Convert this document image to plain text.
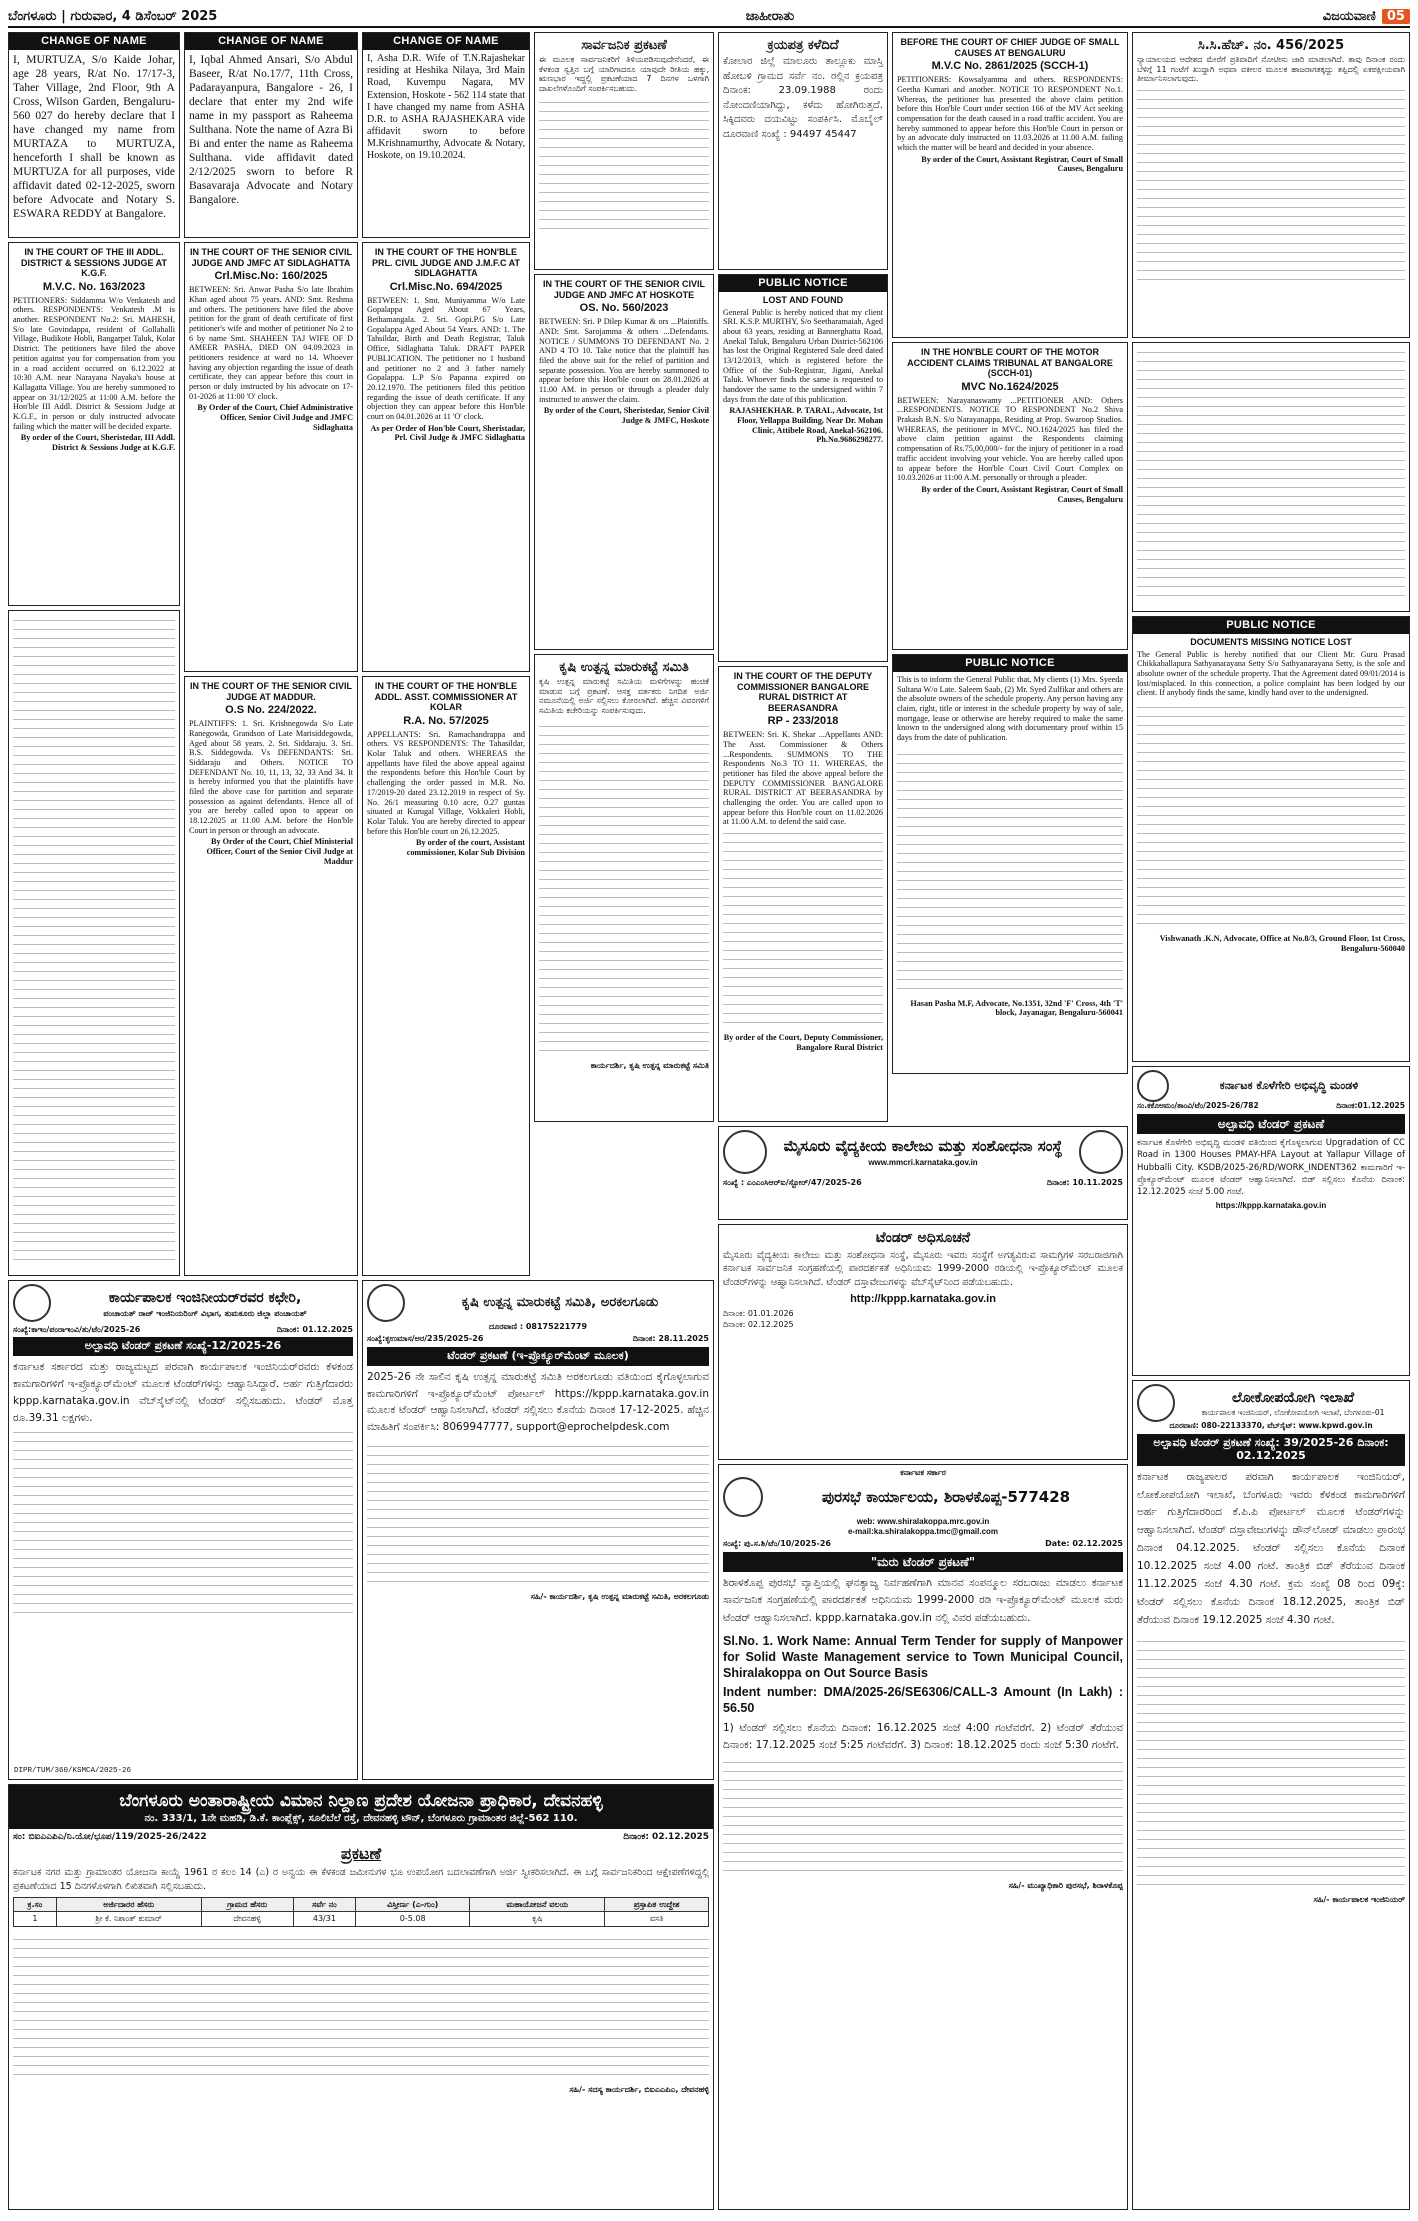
ಬೆಂಗಳೂರು | ಗುರುವಾರ, 4 ಡಿಸೆಂಬರ್ 2025	ಜಾಹೀರಾತು	ವಿಜಯವಾಣಿ 05
CHANGE OF NAME

I, MURTUZA, S/o Kaide Johar, age 28 years, R/at No. 17/17-3, Taher Village, 2nd Floor, 9th A Cross, Wilson Garden, Bengaluru-560 027 do hereby declare that I have changed my name from MURTAZA to MURTUZA, henceforth I shall be known as MURTUZA for all purposes, vide affidavit dated 02-12-2025, sworn before Advocate and Notary S. ESWARA REDDY at Bangalore.

CHANGE OF NAME

I, Iqbal Ahmed Ansari, S/o Abdul Baseer, R/at No.17/7, 11th Cross, Padarayanpura, Bangalore - 26, I declare that enter my 2nd wife name in my passport as Raheema Sulthana. Note the name of Azra Bi Bi and enter the name as Raheema Sulthana. vide affidavit dated 2/12/2025 sworn to before R Basavaraja Advocate and Notary Bangalore.

CHANGE OF NAME

I, Asha D.R. Wife of T.N.Rajashekar residing at Heshika Nilaya, 3rd Main Road, Kuvempu Nagara, MV Extension, Hoskote - 562 114 state that I have changed my name from ASHA D.R. to ASHA RAJASHEKARA vide affidavit sworn to before M.Krishnamurthy, Advocate & Notary, Hoskote, on 19.10.2024.

ಸಾರ್ವಜನಿಕ ಪ್ರಕಟಣೆ

ಈ ಮೂಲಕ ಸಾರ್ವಜನಿಕರಿಗೆ ತಿಳಿಯಪಡಿಸುವುದೇನೆಂದರೆ, ಈ ಕೆಳಕಂಡ ಸ್ವತ್ತಿನ ಬಗ್ಗೆ ಯಾರಿಗಾದರೂ ಯಾವುದೇ ರೀತಿಯ ಹಕ್ಕು, ಋಣಭಾರ ಇದ್ದಲ್ಲಿ ಪ್ರಕಟಣೆಯಾದ 7 ದಿನಗಳ ಒಳಗಾಗಿ ದಾಖಲೆಗಳೊಂದಿಗೆ ಸಂಪರ್ಕಿಸಬಹುದು.

ಕ್ರಯಪತ್ರ ಕಳೆದಿದೆ

ಕೋಲಾರ ಜಿಲ್ಲೆ ಮಾಲೂರು ತಾಲ್ಲೂಕು ಮಾಸ್ತಿ ಹೋಬಳಿ ಗ್ರಾಮದ ಸರ್ವೆ ನಂ. ರಲ್ಲಿನ ಕ್ರಯಪತ್ರ ದಿನಾಂಕ: 23.09.1988 ರಂದು ನೋಂದಣಿಯಾಗಿದ್ದು, ಕಳೆದು ಹೋಗಿರುತ್ತದೆ. ಸಿಕ್ಕಿದವರು ದಯವಿಟ್ಟು ಸಂಪರ್ಕಿಸಿ. ಮೊಬೈಲ್ ದೂರವಾಣಿ ಸಂಖ್ಯೆ : 94497 45447

BEFORE THE COURT OF CHIEF JUDGE OF SMALL CAUSES AT BENGALURU
M.V.C No. 2861/2025 (SCCH-1)

PETITIONERS: Kowsalyamma and others. RESPONDENTS: Geetha Kumari and another. NOTICE TO RESPONDENT No.1. Whereas, the petitioner has presented the above claim petition before this Hon'ble Court under section 166 of the MV Act seeking compensation for the death caused in a road traffic accident. You are hereby summoned to appear before this Hon'ble Court in person or by an advocate duly instructed on 11.03.2026 at 11.00 A.M. failing which the matter will be heard and decided in your absence.

By order of the Court, Assistant Registrar, Court of Small Causes, Bengaluru

ಸಿ.ಸಿ.ಹೆಚ್. ನಂ. 456/2025

ನ್ಯಾಯಾಲಯದ ಆದೇಶದ ಮೇರೆಗೆ ಪ್ರತಿವಾದಿಗೆ ನೋಟೀಸು ಜಾರಿ ಮಾಡಲಾಗಿದೆ. ತಾವು ದಿನಾಂಕ ರಂದು ಬೆಳಿಗ್ಗೆ 11 ಗಂಟೆಗೆ ಖುದ್ದಾಗಿ ಅಥವಾ ವಕೀಲರ ಮೂಲಕ ಹಾಜರಾಗತಕ್ಕದ್ದು ತಪ್ಪಿದಲ್ಲಿ ಏಕಪಕ್ಷೀಯವಾಗಿ ತೀರ್ಮಾನಿಸಲಾಗುವುದು.

IN THE COURT OF THE III ADDL. DISTRICT & SESSIONS JUDGE AT K.G.F.
M.V.C. No. 163/2023

PETITIONERS: Siddamma W/o Venkatesh and others. RESPONDENTS: Venkatesh .M is another. RESPONDENT No.2: Sri. MAHESH, S/o late Govindappa, resident of Gollahalli Village, Budikote Hobli, Bangarpet Taluk, Kolar District. The petitioners have filed the above petition against you for compensation from you in a road accident occurred on 6.12.2022 at 10:30 A.M. near Narayana Nayaka's house at Kallagatta Village. You are hereby summoned to appear on 31/12/2025 at 11:00 A.M. before the Hon'ble III Addl. District & Sessions Judge at K.G.F., in person or duly instructed advocate failing which the matter will be decided exparte.

By order of the Court, Sheristedar, III Addl. District & Sessions Judge at K.G.F.

IN THE COURT OF THE SENIOR CIVIL JUDGE AND JMFC AT SIDLAGHATTA
Crl.Misc.No: 160/2025

BETWEEN: Sri. Anwar Pasha S/o late Ibrahim Khan aged about 75 years. AND: Smt. Reshma and others. The petitioners have filed the above petition for the grant of death certificate of first petitioner's wife and mother of petitioner No 2 to 6 by name Smt. SHAHEEN TAJ WIFE OF D AMEER PASHA, DIED ON 04.09.2023 in petitioners residence at ward no 14. Whoever having any objection regarding the issue of death certificate, they can appear before this court in person or duly instructed by his advocate on 17-01-2026 at 11:00 'O' clock.

By Order of the Court, Chief Administrative Officer, Senior Civil Judge and JMFC Sidlaghatta

IN THE COURT OF THE HON'BLE PRL. CIVIL JUDGE AND J.M.F.C AT SIDLAGHATTA
Crl.Misc.No. 694/2025

BETWEEN: 1. Smt. Muniyamma W/o Late Gopalappa Aged About 67 Years, Bethamangala. 2. Sri. Gopi.P.G S/o Late Gopalappa Aged About 54 Years. AND: 1. The Tahsildar, Birth and Death Registrar, Taluk Office, Sidlaghatta Taluk. DRAFT PAPER PUBLICATION. The petitioner no 1 husband and petitioner no 2 and 3 father namely Gopalappa. L.P S/o Papanna expired on 20.12.1970. The petitioners filed this petition regarding the issue of death certificate. If any objection they can appear before this Hon'ble court on 04.01.2026 at 11 'O' clock.

As per Order of Hon'ble Court, Sheristadar, Prl. Civil Judge & JMFC Sidlaghatta

IN THE COURT OF THE SENIOR CIVIL JUDGE AND JMFC AT HOSKOTE
OS. No. 560/2023

BETWEEN: Sri. P Dilep Kumar & ors ...Plaintiffs. AND: Smt. Sarojamma & others ...Defendants. NOTICE / SUMMONS TO DEFENDANT No. 2 AND 4 TO 10. Take notice that the plaintiff has filed the above suit for the relief of partition and separate possession. You are hereby summoned to appear before this Hon'ble court on 28.01.2026 at 11.00 AM. in person or through a pleader duly instructed to answer the claim.

By order of the Court, Sheristedar, Senior Civil Judge & JMFC, Hoskote

PUBLIC NOTICE
LOST AND FOUND

General Public is hereby noticed that my client SRI. K.S.P. MURTHY, S/o Seetharamaiah, Aged about 63 years, residing at Bannerghatta Road, Anekal Taluk, Bengaluru Urban District-562106 has lost the Original Registered Sale deed dated 13/12/2013, which is registered before the Office of the Sub-Registrar, Jigani, Anekal Taluk. Whoever finds the same is requested to handover the same to the undersigned within 7 days from the date of this publication.

RAJASHEKHAR. P. TARAL, Advocate, 1st Floor, Yellappa Building, Near Dr. Mohan Clinic, Attibele Road, Anekal-562106. Ph.No.9686298277.

IN THE HON'BLE COURT OF THE MOTOR ACCIDENT CLAIMS TRIBUNAL AT BANGALORE (SCCH-01)
MVC No.1624/2025

BETWEEN: Narayanaswamy ...PETITIONER AND: Others ...RESPONDENTS. NOTICE TO RESPONDENT No.2 Shiva Prakash B.N. S/o Narayanappa, Residing at Prop. Swaroop Studios. WHEREAS, the petitioner in MVC. NO.1624/2025 has filed the above claim petition against the Respondents claiming compensation of Rs.75,00,000/- for the injury of petitioner in a road traffic accident involving your vehicle. You are hereby called upon to appear before the Hon'ble Court Civil Court Complex on 10.03.2026 at 11:00 A.M. personally or through a pleader.

By order of the Court, Assistant Registrar, Court of Small Causes, Bengaluru

IN THE COURT OF THE HON'BLE ADDL. ASST. COMMISSIONER AT KOLAR
R.A. No. 57/2025

APPELLANTS: Sri. Ramachandrappa and others. VS RESPONDENTS: The Tahasildar, Kolar Taluk and others. WHEREAS the appellants have filed the above appeal against the respondents before this Hon'ble Court by challenging the order passed in M.R. No. 17/2019-20 dated 23.12.2019 in respect of Sy. No. 26/1 measuring 0.10 acre, 0.27 guntas situated at Kurugal Village, Vokkaleri Hobli, Kolar Taluk. You are hereby directed to appear before this Hon'ble court on 26.12.2025.

By order of the court, Assistant commissioner, Kolar Sub Division

IN THE COURT OF THE SENIOR CIVIL JUDGE AT MADDUR.
O.S No. 224/2022.

PLAINTIFFS: 1. Sri. Krishnegowda S/o Late Ranegowda, Grandson of Late Marisiddegowda, Aged about 58 years. 2. Sri. Siddaraju. 3. Sri. B.S. Siddegowda. Vs DEFENDANTS: Sri. Siddaraju and Others. NOTICE TO DEFENDANT No. 10, 11, 13, 32, 33 And 34. It is hereby informed you that the plaintiffs have filed the above case for partition and separate possession as against defendants. Hence all of you are hereby called upon to appear on 18.12.2025 at 11.00 A.M. before the Hon'ble Court in person or through an advocate.

By Order of the Court, Chief Ministerial Officer, Court of the Senior Civil Judge at Maddur

ಕೃಷಿ ಉತ್ಪನ್ನ ಮಾರುಕಟ್ಟೆ ಸಮಿತಿ

ಕೃಷಿ ಉತ್ಪನ್ನ ಮಾರುಕಟ್ಟೆ ಸಮಿತಿಯ ಮಳಿಗೆಗಳನ್ನು ಹಂಚಿಕೆ ಮಾಡುವ ಬಗ್ಗೆ ಪ್ರಕಟಣೆ. ಆಸಕ್ತ ವರ್ತಕರು ನಿಗದಿತ ಅರ್ಜಿ ನಮೂನೆಯಲ್ಲಿ ಅರ್ಜಿ ಸಲ್ಲಿಸಲು ಕೋರಲಾಗಿದೆ. ಹೆಚ್ಚಿನ ವಿವರಗಳಿಗೆ ಸಮಿತಿಯ ಕಚೇರಿಯನ್ನು ಸಂಪರ್ಕಿಸುವುದು.

ಕಾರ್ಯದರ್ಶಿ, ಕೃಷಿ ಉತ್ಪನ್ನ ಮಾರುಕಟ್ಟೆ ಸಮಿತಿ

PUBLIC NOTICE

This is to inform the General Public that, My clients (1) Mrs. Syeeda Sultana W/o Late. Saleem Saab, (2) Mr. Syed Zulfikar and others are the absolute owners of the schedule property. Any person having any claim, right, title or interest in the schedule property by way of sale, mortgage, lease or otherwise are hereby required to make the same known to the undersigned along with documentary proof within 15 days from the date of publication.

Hasan Pasha M.F, Advocate, No.1351, 32nd 'F' Cross, 4th 'T' block, Jayanagar, Bengaluru-560041

IN THE COURT OF THE DEPUTY COMMISSIONER BANGALORE RURAL DISTRICT AT BEERASANDRA
RP - 233/2018

BETWEEN: Sri. K. Shekar ...Appellants AND: The Asst. Commissioner & Others ...Respondents. SUMMONS TO THE Respondents No.3 TO 11. WHEREAS, the petitioner has filed the above appeal before the DEPUTY COMMISSIONER BANGALORE RURAL DISTRICT AT BEERASANDRA by challenging the order. You are called upon to appear before this Hon'ble court on 11.02.2026 at 11.00 A.M. to defend the said case.

By order of the Court, Deputy Commissioner, Bangalore Rural District

PUBLIC NOTICE
DOCUMENTS MISSING NOTICE LOST

The General Public is hereby notified that our Client Mr. Guru Prasad Chikkaballapura Sathyanarayana Setty S/o Sathyanarayana Setty, is the sole and absolute owner of the schedule property. That the Agreement dated 09/01/2014 is lost/misplaced. In this connection, a police complaint has been lodged by our client. If anybody finds the same, kindly hand over to the undersigned.

Vishwanath .K.N, Advocate, Office at No.8/3, Ground Floor, 1st Cross, Bengaluru-560040

ಮೈಸೂರು ವೈದ್ಯಕೀಯ ಕಾಲೇಜು ಮತ್ತು ಸಂಶೋಧನಾ ಸಂಸ್ಥೆ
www.mmcri.karnataka.gov.in
ಸಂಖ್ಯೆ : ಎಂಎಂಸಿಆರ್‌ಐ/ಸ್ಟೋರ್/47/2025-26	ದಿನಾಂಕ: 10.11.2025
ಟೆಂಡರ್ ಅಧಿಸೂಚನೆ

ಮೈಸೂರು ವೈದ್ಯಕೀಯ ಕಾಲೇಜು ಮತ್ತು ಸಂಶೋಧನಾ ಸಂಸ್ಥೆ, ಮೈಸೂರು ಇವರು ಸಂಸ್ಥೆಗೆ ಅಗತ್ಯವಿರುವ ಸಾಮಗ್ರಿಗಳ ಸರಬರಾಜಿಗಾಗಿ ಕರ್ನಾಟಕ ಸಾರ್ವಜನಿಕ ಸಂಗ್ರಹಣೆಯಲ್ಲಿ ಪಾರದರ್ಶಕತೆ ಅಧಿನಿಯಮ 1999-2000 ರಡಿಯಲ್ಲಿ ಇ-ಪ್ರೊಕ್ಯೂರ್‌ಮೆಂಟ್ ಮೂಲಕ ಟೆಂಡರ್‌ಗಳನ್ನು ಆಹ್ವಾನಿಸಲಾಗಿದೆ. ಟೆಂಡರ್ ದಸ್ತಾವೇಜುಗಳನ್ನು ವೆಬ್‌ಸೈಟ್‌ನಿಂದ ಪಡೆಯಬಹುದು.

http://kppp.karnataka.gov.in

ದಿನಾಂಕ: 01.01.2026

ದಿನಾಂಕ: 02.12.2025

ಕರ್ನಾಟಕ ಕೊಳೆಗೇರಿ ಅಭಿವೃದ್ಧಿ ಮಂಡಳಿ
ಸಂ.ಕಕೊಅಮಂ/ತಾಂವಿ/ಟೆಂ/2025-26/782	ದಿನಾಂಕ:01.12.2025
ಅಲ್ಪಾವಧಿ ಟೆಂಡರ್ ಪ್ರಕಟಣೆ

ಕರ್ನಾಟಕ ಕೊಳೆಗೇರಿ ಅಭಿವೃದ್ಧಿ ಮಂಡಳಿ ವತಿಯಿಂದ ಕೈಗೊಳ್ಳಲಾಗುವ Upgradation of CC Road in 1300 Houses PMAY-HFA Layout at Yallapur Village of Hubballi City. KSDB/2025-26/RD/WORK_INDENT362 ಕಾಮಗಾರಿಗೆ ಇ-ಪ್ರೊಕ್ಯೂರ್‌ಮೆಂಟ್ ಮೂಲಕ ಟೆಂಡರ್ ಆಹ್ವಾನಿಸಲಾಗಿದೆ. ಬಿಡ್ ಸಲ್ಲಿಸಲು ಕೊನೆಯ ದಿನಾಂಕ: 12.12.2025 ಸಂಜೆ 5.00 ಗಂಟೆ.

https://kppp.karnataka.gov.in

ಕಾರ್ಯಪಾಲಕ ಇಂಜಿನೀಯರ್‌ರವರ ಕಛೇರಿ,
ಪಂಚಾಯತ್ ರಾಜ್ ಇಂಜಿನಿಯರಿಂಗ್ ವಿಭಾಗ, ತುಮಕೂರು ಜಿಲ್ಲಾ ಪಂಚಾಯತ್
ಸಂಖ್ಯೆ:ಕಾಇಂ/ಪಂರಾಇಂವಿ/ತು/ಟೆಂ/2025-26	ದಿನಾಂಕ: 01.12.2025
ಅಲ್ಪಾವಧಿ ಟೆಂಡರ್ ಪ್ರಕಟಣೆ ಸಂಖ್ಯೆ-12/2025-26

ಕರ್ನಾಟಕ ಸರ್ಕಾರದ ಮತ್ತು ರಾಜ್ಯಮಟ್ಟದ ಪರವಾಗಿ ಕಾರ್ಯಪಾಲಕ ಇಂಜಿನಿಯರ್‌ರವರು ಕೆಳಕಂಡ ಕಾಮಗಾರಿಗಳಿಗೆ ಇ-ಪ್ರೊಕ್ಯೂರ್‌ಮೆಂಟ್ ಮೂಲಕ ಟೆಂಡರ್‌ಗಳನ್ನು ಆಹ್ವಾನಿಸಿದ್ದಾರೆ. ಅರ್ಹ ಗುತ್ತಿಗೆದಾರರು kppp.karnataka.gov.in ವೆಬ್‌ಸೈಟ್‌ನಲ್ಲಿ ಟೆಂಡರ್ ಸಲ್ಲಿಸಬಹುದು. ಟೆಂಡರ್ ಮೊತ್ತ ರೂ.39.31 ಲಕ್ಷಗಳು.

DIPR/TUM/360/KSMCA/2025-26
ಕೃಷಿ ಉತ್ಪನ್ನ ಮಾರುಕಟ್ಟೆ ಸಮಿತಿ, ಅರಕಲಗೂಡು
ದೂರವಾಣಿ : 08175221779
ಸಂಖ್ಯೆ:ಕೃಉಮಾಸ/ಅರ/235/2025-26	ದಿನಾಂಕ: 28.11.2025
ಟೆಂಡರ್ ಪ್ರಕಟಣೆ (ಇ-ಪ್ರೊಕ್ಯೂರ್‌ಮೆಂಟ್ ಮೂಲಕ)

2025-26 ನೇ ಸಾಲಿನ ಕೃಷಿ ಉತ್ಪನ್ನ ಮಾರುಕಟ್ಟೆ ಸಮಿತಿ ಅರಕಲಗೂಡು ವತಿಯಿಂದ ಕೈಗೊಳ್ಳಲಾಗುವ ಕಾಮಗಾರಿಗಳಿಗೆ ಇ-ಪ್ರೊಕ್ಯೂರ್‌ಮೆಂಟ್ ಪೋರ್ಟಲ್ https://kppp.karnataka.gov.in ಮೂಲಕ ಟೆಂಡರ್ ಆಹ್ವಾನಿಸಲಾಗಿದೆ. ಟೆಂಡರ್ ಸಲ್ಲಿಸಲು ಕೊನೆಯ ದಿನಾಂಕ 17-12-2025. ಹೆಚ್ಚಿನ ಮಾಹಿತಿಗೆ ಸಂಪರ್ಕಿಸಿ: 8069947777, support@eprochelpdesk.com

ಸಹಿ/- ಕಾರ್ಯದರ್ಶಿ, ಕೃಷಿ ಉತ್ಪನ್ನ ಮಾರುಕಟ್ಟೆ ಸಮಿತಿ, ಅರಕಲಗೂಡು

ಕರ್ನಾಟಕ ಸರ್ಕಾರ
ಪುರಸಭೆ ಕಾರ್ಯಾಲಯ, ಶಿರಾಳಕೊಪ್ಪ-577428
web: www.shiralakoppa.mrc.gov.in
e-mail:ka.shiralakoppa.tmc@gmail.com
ಸಂಖ್ಯೆ: ಪು.ಸ.ಶಿ/ಟೆಂ/10/2025-26	Date: 02.12.2025
"ಮರು ಟೆಂಡರ್ ಪ್ರಕಟಣೆ"

ಶಿರಾಳಕೊಪ್ಪ ಪುರಸಭೆ ವ್ಯಾಪ್ತಿಯಲ್ಲಿ ಘನತ್ಯಾಜ್ಯ ನಿರ್ವಹಣೆಗಾಗಿ ಮಾನವ ಸಂಪನ್ಮೂಲ ಸರಬರಾಜು ಮಾಡಲು ಕರ್ನಾಟಕ ಸಾರ್ವಜನಿಕ ಸಂಗ್ರಹಣೆಯಲ್ಲಿ ಪಾರದರ್ಶಕತೆ ಅಧಿನಿಯಮ 1999-2000 ರಡಿ ಇ-ಪ್ರೊಕ್ಯೂರ್‌ಮೆಂಟ್ ಮೂಲಕ ಮರು ಟೆಂಡರ್ ಆಹ್ವಾನಿಸಲಾಗಿದೆ. kppp.karnataka.gov.in ನಲ್ಲಿ ವಿವರ ಪಡೆಯಬಹುದು.

Sl.No. 1. Work Name: Annual Term Tender for supply of Manpower for Solid Waste Management service to Town Municipal Council, Shiralakoppa on Out Source Basis

Indent number: DMA/2025-26/SE6306/CALL-3 Amount (In Lakh) : 56.50

1) ಟೆಂಡರ್ ಸಲ್ಲಿಸಲು ಕೊನೆಯ ದಿನಾಂಕ: 16.12.2025 ಸಂಜೆ 4:00 ಗಂಟೆವರೆಗೆ. 2) ಟೆಂಡರ್ ತೆರೆಯುವ ದಿನಾಂಕ: 17.12.2025 ಸಂಜೆ 5:25 ಗಂಟೆವರೆಗೆ. 3) ದಿನಾಂಕ: 18.12.2025 ರಂದು ಸಂಜೆ 5:30 ಗಂಟೆಗೆ.

ಸಹಿ/- ಮುಖ್ಯಾಧಿಕಾರಿ ಪುರಸಭೆ, ಶಿರಾಳಕೊಪ್ಪ

ಲೋಕೋಪಯೋಗಿ ಇಲಾಖೆ
ಕಾರ್ಯಪಾಲಕ ಇಂಜಿನಿಯರ್, ಲೋಕೋಪಯೋಗಿ ಇಲಾಖೆ, ಬೆಂಗಳೂರು-01
ದೂರವಾಣಿ: 080-22133370, ವೆಬ್‌ಸೈಟ್: www.kpwd.gov.in
ಅಲ್ಪಾವಧಿ ಟೆಂಡರ್ ಪ್ರಕಟಣೆ ಸಂಖ್ಯೆ: 39/2025-26 ದಿನಾಂಕ: 02.12.2025

ಕರ್ನಾಟಕ ರಾಜ್ಯಪಾಲರ ಪರವಾಗಿ ಕಾರ್ಯಪಾಲಕ ಇಂಜಿನಿಯರ್, ಲೋಕೋಪಯೋಗಿ ಇಲಾಖೆ, ಬೆಂಗಳೂರು ಇವರು ಕೆಳಕಂಡ ಕಾಮಗಾರಿಗಳಿಗೆ ಅರ್ಹ ಗುತ್ತಿಗೆದಾರರಿಂದ ಕೆ.ಪಿ.ಪಿ ಪೋರ್ಟಲ್ ಮೂಲಕ ಟೆಂಡರ್‌ಗಳನ್ನು ಆಹ್ವಾನಿಸಲಾಗಿದೆ. ಟೆಂಡರ್ ದಸ್ತಾವೇಜುಗಳನ್ನು ಡೌನ್‌ಲೋಡ್ ಮಾಡಲು ಪ್ರಾರಂಭ ದಿನಾಂಕ 04.12.2025. ಟೆಂಡರ್ ಸಲ್ಲಿಸಲು ಕೊನೆಯ ದಿನಾಂಕ 10.12.2025 ಸಂಜೆ 4.00 ಗಂಟೆ. ತಾಂತ್ರಿಕ ಬಿಡ್ ತೆರೆಯುವ ದಿನಾಂಕ 11.12.2025 ಸಂಜೆ 4.30 ಗಂಟೆ. ಕ್ರಮ ಸಂಖ್ಯೆ 08 ರಿಂದ 09ಕ್ಕೆ: ಟೆಂಡರ್ ಸಲ್ಲಿಸಲು ಕೊನೆಯ ದಿನಾಂಕ 18.12.2025, ತಾಂತ್ರಿಕ ಬಿಡ್ ತೆರೆಯುವ ದಿನಾಂಕ 19.12.2025 ಸಂಜೆ 4.30 ಗಂಟೆ.

ಸಹಿ/- ಕಾರ್ಯಪಾಲಕ ಇಂಜಿನಿಯರ್

ಬೆಂಗಳೂರು ಅಂತಾರಾಷ್ಟ್ರೀಯ ವಿಮಾನ ನಿಲ್ದಾಣ ಪ್ರದೇಶ ಯೋಜನಾ ಪ್ರಾಧಿಕಾರ, ದೇವನಹಳ್ಳಿ
ನಂ. 333/1, 1ನೇ ಮಹಡಿ, ಡಿ.ಕೆ. ಕಾಂಪ್ಲೆಕ್ಸ್, ಸೂಲಿಬೆಲೆ ರಸ್ತೆ, ದೇವನಹಳ್ಳಿ ಟೌನ್, ಬೆಂಗಳೂರು ಗ್ರಾಮಾಂತರ ಜಿಲ್ಲೆ-562 110.
ಸಂ: ಬಿಐಎಎಪಿಎ/ನಿ.ಯೋ/ಭೂಪ/119/2025-26/2422	ದಿನಾಂಕ: 02.12.2025
ಪ್ರಕಟಣೆ

ಕರ್ನಾಟಕ ನಗರ ಮತ್ತು ಗ್ರಾಮಾಂತರ ಯೋಜನಾ ಕಾಯ್ದೆ 1961 ರ ಕಲಂ 14 (ಎ) ರ ಅನ್ವಯ ಈ ಕೆಳಕಂಡ ಜಮೀನುಗಳ ಭೂ ಉಪಯೋಗ ಬದಲಾವಣೆಗಾಗಿ ಅರ್ಜಿ ಸ್ವೀಕರಿಸಲಾಗಿದೆ. ಈ ಬಗ್ಗೆ ಸಾರ್ವಜನಿಕರಿಂದ ಆಕ್ಷೇಪಣೆಗಳಿದ್ದಲ್ಲಿ ಪ್ರಕಟಣೆಯಾದ 15 ದಿನಗಳೊಳಗಾಗಿ ಲಿಖಿತವಾಗಿ ಸಲ್ಲಿಸಬಹುದು.

ಕ್ರ.ಸಂ	ಅರ್ಜಿದಾರರ ಹೆಸರು	ಗ್ರಾಮದ ಹೆಸರು	ಸರ್ವೆ ನಂ	ವಿಸ್ತೀರ್ಣ (ಎ-ಗುಂ)	ಮಹಾಯೋಜನೆ ವಲಯ	ಪ್ರಸ್ತಾಪಿತ ಉದ್ದೇಶ
1	ಶ್ರೀ ಕೆ. ನಿಶಾಂತ್ ಕುಮಾರ್	ದೇವನಹಳ್ಳಿ	43/31	0-5.08	ಕೃಷಿ	ವಸತಿ

ಸಹಿ/- ಸದಸ್ಯ ಕಾರ್ಯದರ್ಶಿ, ಬಿಐಎಎಪಿಎ, ದೇವನಹಳ್ಳಿ
